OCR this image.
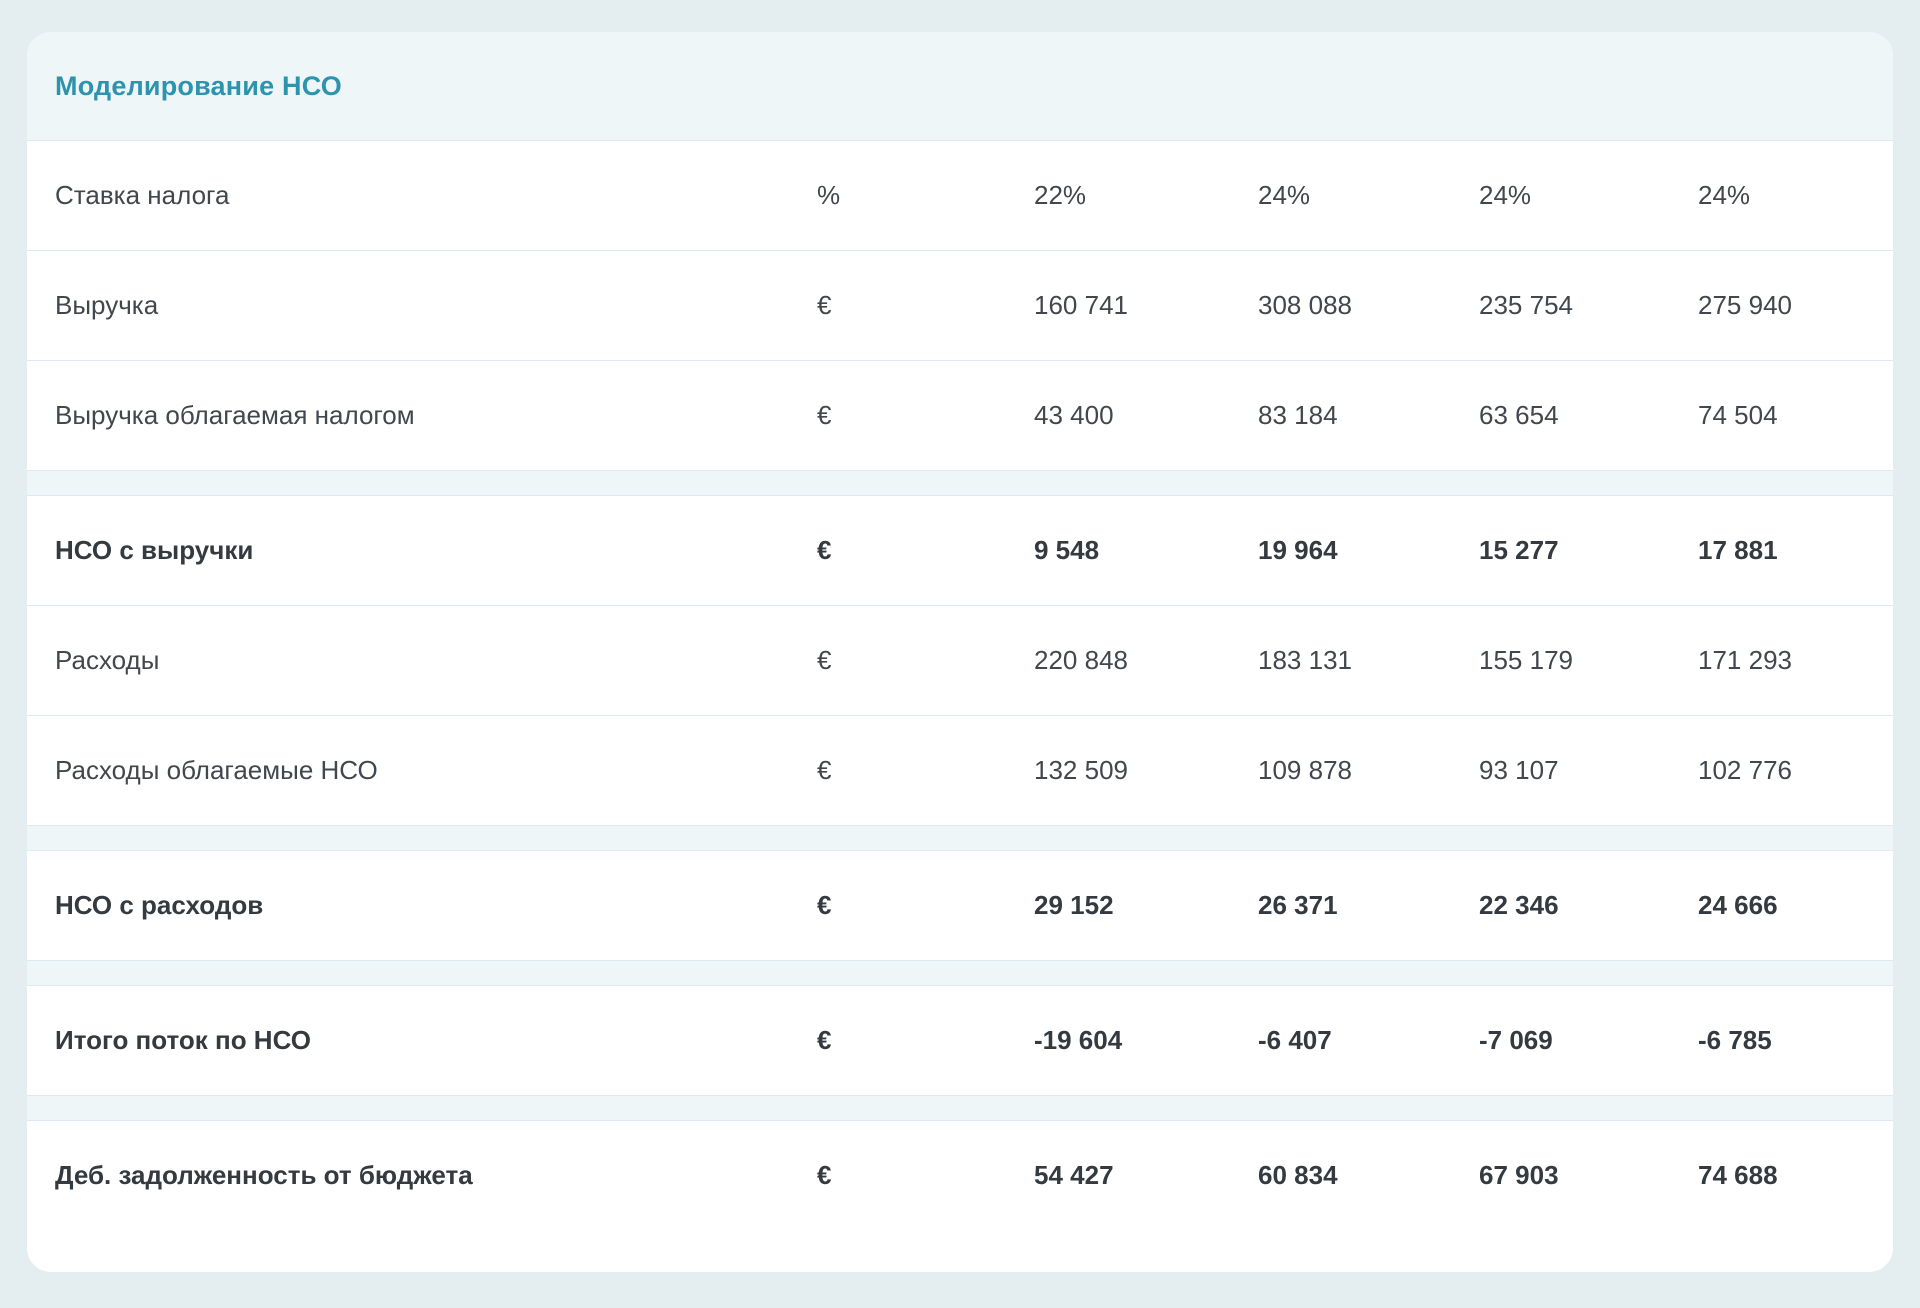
Моделирование НСО
Ставка налога	%	22%	24%	24%	24%
Выручка	€	160 741	308 088	235 754	275 940
Выручка облагаемая налогом	€	43 400	83 184	63 654	74 504
НСО с выручки	€	9 548	19 964	15 277	17 881
Расходы	€	220 848	183 131	155 179	171 293
Расходы облагаемые НСО	€	132 509	109 878	93 107	102 776
НСО с расходов	€	29 152	26 371	22 346	24 666
Итого поток по НСО	€	-19 604	-6 407	-7 069	-6 785
Деб. задолженность от бюджета	€	54 427	60 834	67 903	74 688
